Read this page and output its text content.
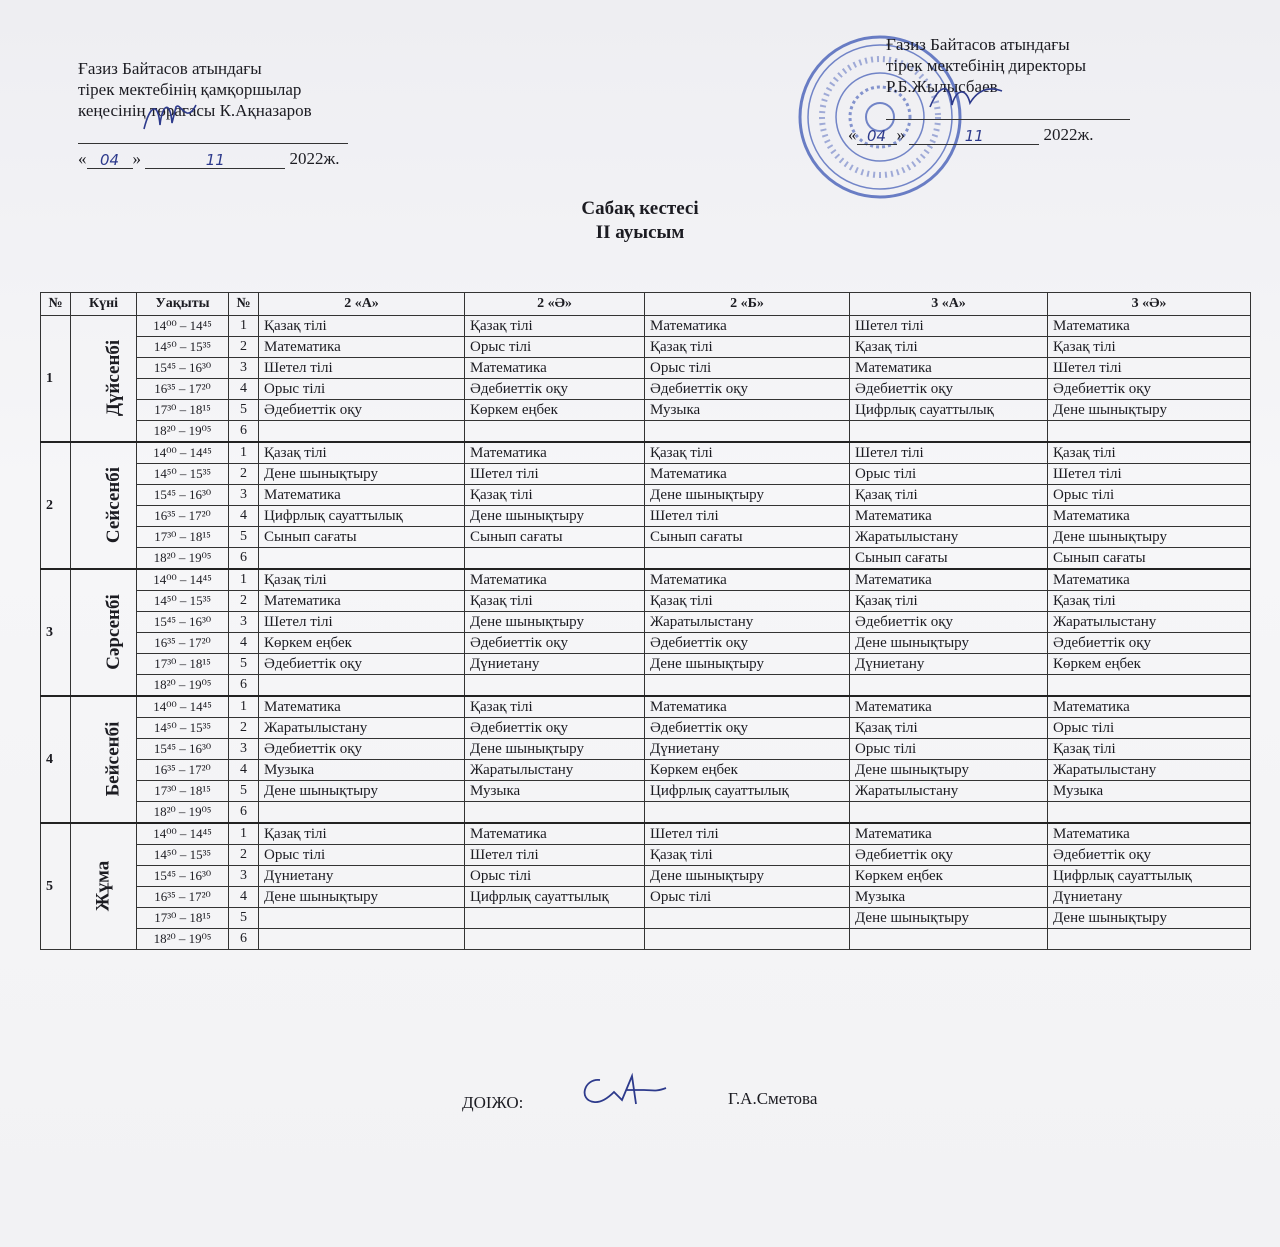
Ғазиз Байтасов атындағы
тірек мектебінің қамқоршылар
кеңесінің төрағасы К.Ақназаров
« 04 »	11	2022ж.
Ғазиз Байтасов атындағы
тірек мектебінің директоры
Р.Б.Жылысбаев
« 04 »	11	2022ж.
Сабақ кестесі
II ауысым
№	Күні	Уақыты	№	2 «А»	2 «Ә»	2 «Б»	3 «А»	3 «Ә»
1	Дүйсенбі	14⁰⁰ – 14⁴⁵	1	Қазақ тілі	Қазақ тілі	Математика	Шетел тілі	Математика
		14⁵⁰ – 15³⁵	2	Математика	Орыс тілі	Қазақ тілі	Қазақ тілі	Қазақ тілі
		15⁴⁵ – 16³⁰	3	Шетел тілі	Математика	Орыс тілі	Математика	Шетел тілі
		16³⁵ – 17²⁰	4	Орыс тілі	Әдебиеттік оқу	Әдебиеттік оқу	Әдебиеттік оқу	Әдебиеттік оқу
		17³⁰ – 18¹⁵	5	Әдебиеттік оқу	Көркем еңбек	Музыка	Цифрлық сауаттылық	Дене шынықтыру
		18²⁰ – 19⁰⁵	6					
2	Сейсенбі	14⁰⁰ – 14⁴⁵	1	Қазақ тілі	Математика	Қазақ тілі	Шетел тілі	Қазақ тілі
		14⁵⁰ – 15³⁵	2	Дене шынықтыру	Шетел тілі	Математика	Орыс тілі	Шетел тілі
		15⁴⁵ – 16³⁰	3	Математика	Қазақ тілі	Дене шынықтыру	Қазақ тілі	Орыс тілі
		16³⁵ – 17²⁰	4	Цифрлық сауаттылық	Дене шынықтыру	Шетел тілі	Математика	Математика
		17³⁰ – 18¹⁵	5	Сынып сағаты	Сынып сағаты	Сынып сағаты	Жаратылыстану	Дене шынықтыру
		18²⁰ – 19⁰⁵	6				Сынып сағаты	Сынып сағаты
3	Сәрсенбі	14⁰⁰ – 14⁴⁵	1	Қазақ тілі	Математика	Математика	Математика	Математика
		14⁵⁰ – 15³⁵	2	Математика	Қазақ тілі	Қазақ тілі	Қазақ тілі	Қазақ тілі
		15⁴⁵ – 16³⁰	3	Шетел тілі	Дене шынықтыру	Жаратылыстану	Әдебиеттік оқу	Жаратылыстану
		16³⁵ – 17²⁰	4	Көркем еңбек	Әдебиеттік оқу	Әдебиеттік оқу	Дене шынықтыру	Әдебиеттік оқу
		17³⁰ – 18¹⁵	5	Әдебиеттік оқу	Дүниетану	Дене шынықтыру	Дүниетану	Көркем еңбек
		18²⁰ – 19⁰⁵	6					
4	Бейсенбі	14⁰⁰ – 14⁴⁵	1	Математика	Қазақ тілі	Математика	Математика	Математика
		14⁵⁰ – 15³⁵	2	Жаратылыстану	Әдебиеттік оқу	Әдебиеттік оқу	Қазақ тілі	Орыс тілі
		15⁴⁵ – 16³⁰	3	Әдебиеттік оқу	Дене шынықтыру	Дүниетану	Орыс тілі	Қазақ тілі
		16³⁵ – 17²⁰	4	Музыка	Жаратылыстану	Көркем еңбек	Дене шынықтыру	Жаратылыстану
		17³⁰ – 18¹⁵	5	Дене шынықтыру	Музыка	Цифрлық сауаттылық	Жаратылыстану	Музыка
		18²⁰ – 19⁰⁵	6					
5	Жұма	14⁰⁰ – 14⁴⁵	1	Қазақ тілі	Математика	Шетел тілі	Математика	Математика
		14⁵⁰ – 15³⁵	2	Орыс тілі	Шетел тілі	Қазақ тілі	Әдебиеттік оқу	Әдебиеттік оқу
		15⁴⁵ – 16³⁰	3	Дүниетану	Орыс тілі	Дене шынықтыру	Көркем еңбек	Цифрлық сауаттылық
		16³⁵ – 17²⁰	4	Дене шынықтыру	Цифрлық сауаттылық	Орыс тілі	Музыка	Дүниетану
		17³⁰ – 18¹⁵	5				Дене шынықтыру	Дене шынықтыру
		18²⁰ – 19⁰⁵	6					
ДОІЖО:	Г.А.Сметова
